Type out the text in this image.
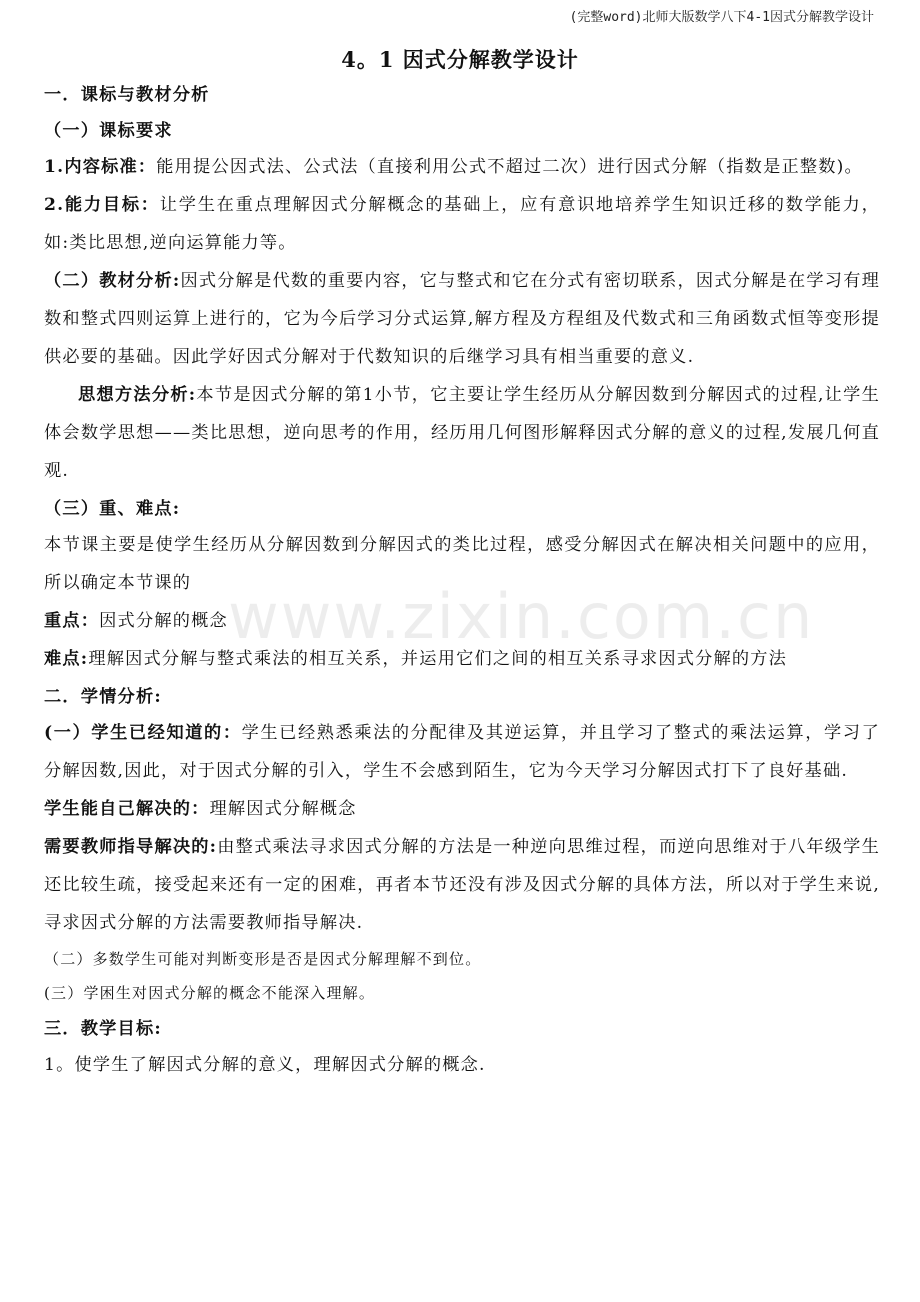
(完整word)北师大版数学八下4-1因式分解教学设计
4。1 因式分解教学设计
www.zixin.com.cn
一．课标与教材分析
（一）课标要求

1.内容标准：能用提公因式法、公式法（直接利用公式不超过二次）进行因式分解（指数是正整数)。

2.能力目标：让学生在重点理解因式分解概念的基础上，应有意识地培养学生知识迁移的数学能力，如:类比思想,逆向运算能力等。

（二）教材分析:因式分解是代数的重要内容，它与整式和它在分式有密切联系，因式分解是在学习有理数和整式四则运算上进行的，它为今后学习分式运算,解方程及方程组及代数式和三角函数式恒等变形提供必要的基础。因此学好因式分解对于代数知识的后继学习具有相当重要的意义.

思想方法分析:本节是因式分解的第1小节，它主要让学生经历从分解因数到分解因式的过程,让学生体会数学思想——类比思想，逆向思考的作用，经历用几何图形解释因式分解的意义的过程,发展几何直观.

（三）重、难点:

本节课主要是使学生经历从分解因数到分解因式的类比过程，感受分解因式在解决相关问题中的应用， 所以确定本节课的

重点：因式分解的概念

难点:理解因式分解与整式乘法的相互关系，并运用它们之间的相互关系寻求因式分解的方法

二．学情分析:

(一）学生已经知道的：学生已经熟悉乘法的分配律及其逆运算，并且学习了整式的乘法运算，学习了分解因数,因此，对于因式分解的引入，学生不会感到陌生，它为今天学习分解因式打下了良好基础.

学生能自己解决的：理解因式分解概念

需要教师指导解决的:由整式乘法寻求因式分解的方法是一种逆向思维过程，而逆向思维对于八年级学生还比较生疏，接受起来还有一定的困难，再者本节还没有涉及因式分解的具体方法，所以对于学生来说,寻求因式分解的方法需要教师指导解决.

（二）多数学生可能对判断变形是否是因式分解理解不到位。

(三）学困生对因式分解的概念不能深入理解。

三．教学目标:

1。使学生了解因式分解的意义，理解因式分解的概念.
